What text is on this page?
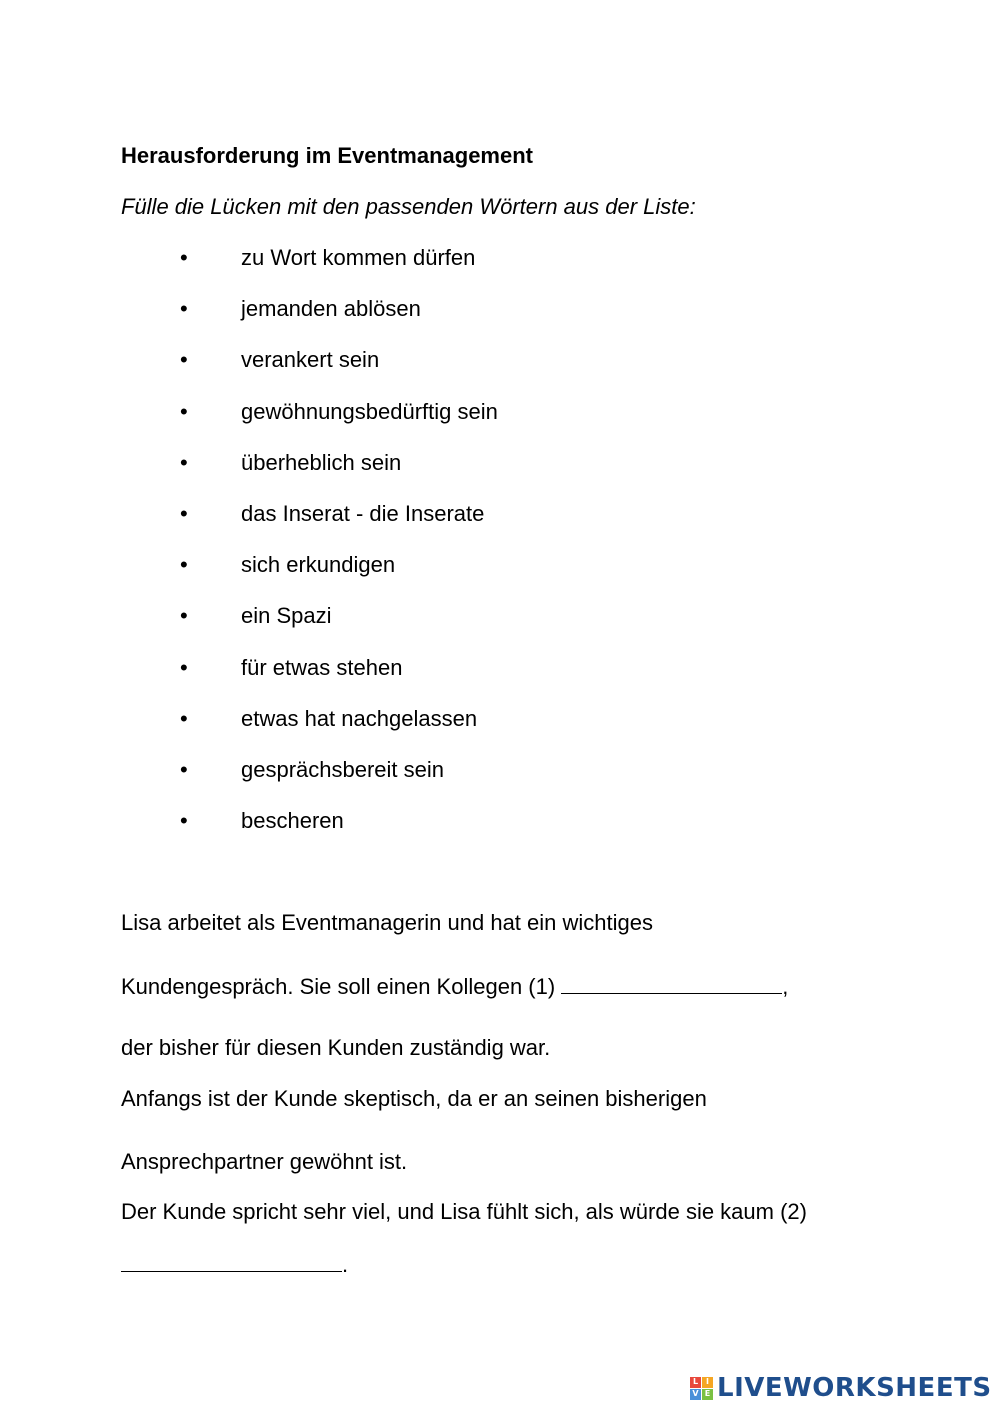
Herausforderung im Eventmanagement
Fülle die Lücken mit den passenden Wörtern aus der Liste:
• zu Wort kommen dürfen
• jemanden ablösen
• verankert sein
• gewöhnungsbedürftig sein
• überheblich sein
• das Inserat - die Inserate
• sich erkundigen
• ein Spazi
• für etwas stehen
• etwas hat nachgelassen
• gesprächsbereit sein
• bescheren
Lisa arbeitet als Eventmanagerin und hat ein wichtiges
Kundengespräch. Sie soll einen Kollegen (1)	,
der bisher für diesen Kunden zuständig war.
Anfangs ist der Kunde skeptisch, da er an seinen bisherigen
Ansprechpartner gewöhnt ist.
Der Kunde spricht sehr viel, und Lisa fühlt sich, als würde sie kaum (2)
.
L I
V E LIVEWORKSHEETS
